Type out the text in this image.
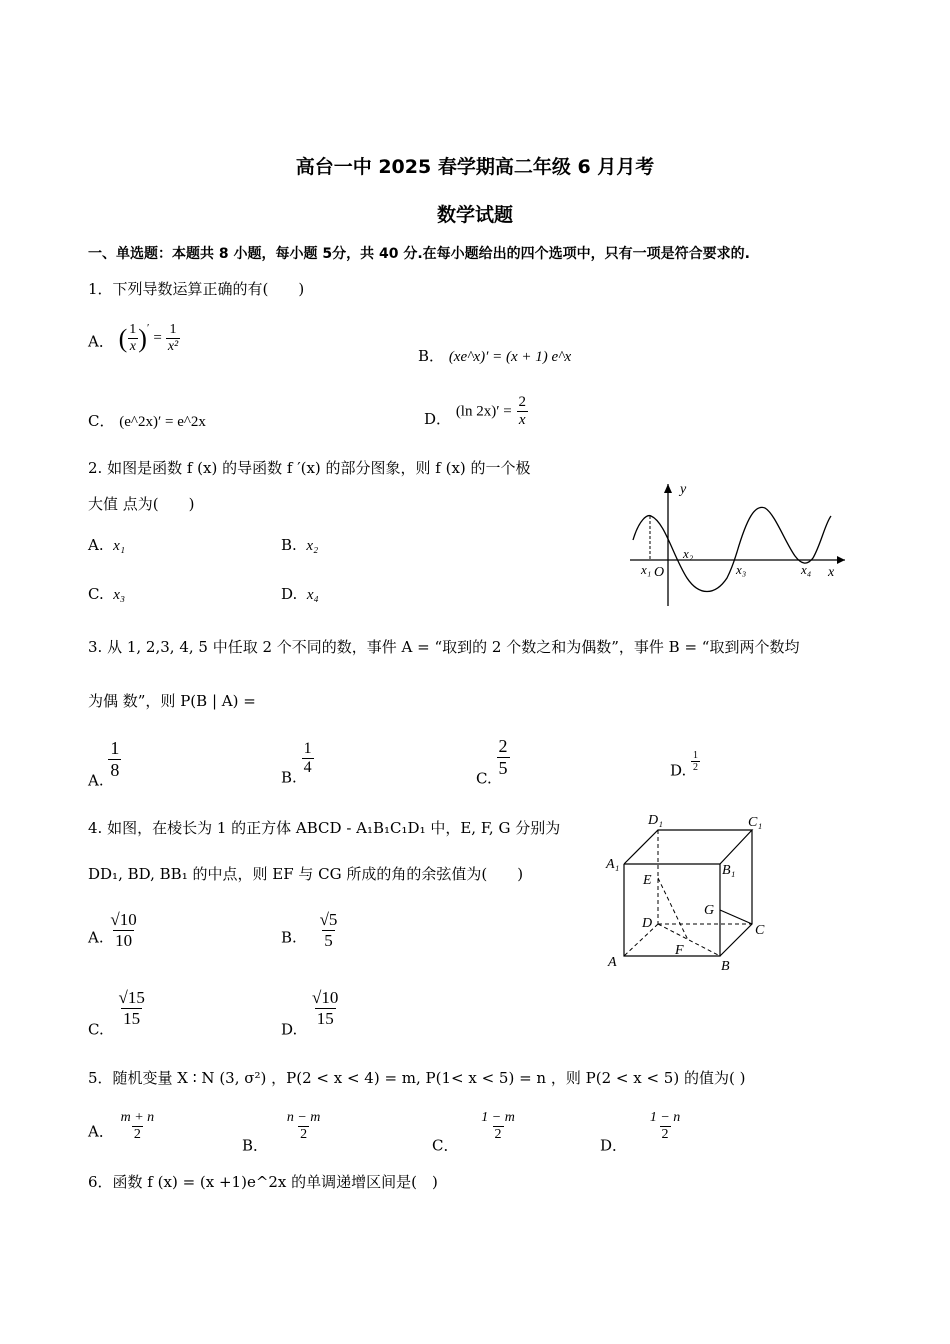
高台一中 2025 春学期高二年级 6 月月考
数学试题
一、单选题：本题共 8 小题，每小题 5分，共 40 分.在每小题给出的四个选项中，只有一项是符合要求的.
1．下列导数运算正确的有(　　)
A． ( $\frac{1}{x} )'$
= $\frac{1}{\text{x²}}$
B． (xe^x)′ = (x + 1) e^x
C． (e^2x)′ = e^2x	D． (ln $2x)' = \frac{2}{x}$
2. 如图是函数 f (x) 的导函数 f ′(x) 的部分图象，则 f (x) 的一个极
大值 点为(　　)
A. x₁	B. x₂
C. x₃	D. x₄
y
x
O
x₁
x₂
x₃	x₄
3. 从 1, 2,3, 4, 5 中任取 2 个不同的数，事件 A = “取到的 2 个数之和为偶数”，事件 B = “取到两个数均
为偶 数”，则 P(B | A) =
A. $\frac{1}{8}$	B.
$\frac{1}{4}$
C. $\frac{2}{5}$	D. $\frac{1}{2}$
4. 如图，在棱长为 1 的正方体 ABCD - A₁B₁C₁D₁ 中，E, F, G 分别为
DD₁, BD, BB₁ 的中点，则 EF 与 CG 所成的角的余弦值为(　　)
A. $\frac{√10}{10}$	B. $\frac{√5}{5}$
C.
$\frac{√15}{15}$
D.
$\frac{√10}{15}$
A	B
C
D
A₁	B₁
C₁
D₁
E
F
G
5．随机变量 X ∶ N (3, σ²) ，P(2 < x < 4) = m, P(1< x < 5) = n ，则 P(2 < x < 5) 的值为( )
A． $\frac{m + n}{2}$
B．
$\frac{n - m}{2}$
C．
$\frac{1 - m}{2}$
D．
$\frac{1 - n}{2}$
6．函数 f (x) = (x +1)e^2x 的单调递增区间是(　)
